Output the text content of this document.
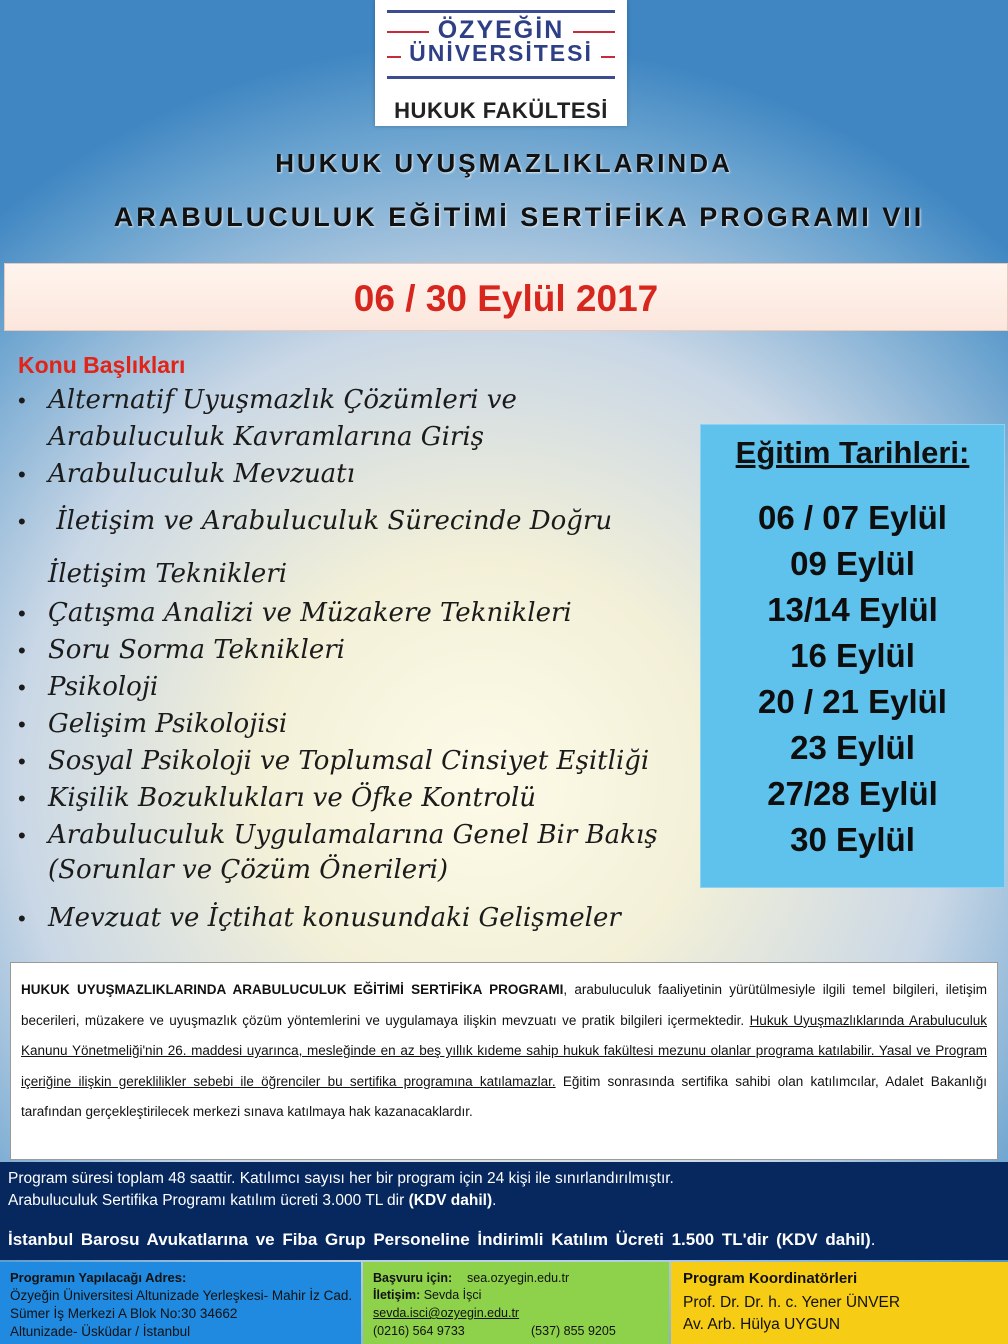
ÖZYEĞİN
ÜNİVERSİTESİ
HUKUK FAKÜLTESİ
HUKUK UYUŞMAZLIKLARINDA
ARABULUCULUK EĞİTİMİ SERTİFİKA PROGRAMI VII
06 / 30 Eylül 2017
Konu Başlıkları
• Alternatif Uyuşmazlık Çözümleri ve
Arabuluculuk Kavramlarına Giriş
• Arabuluculuk Mevzuatı
• İletişim ve Arabuluculuk Sürecinde Doğru
İletişim Teknikleri
• Çatışma Analizi ve Müzakere Teknikleri
• Soru Sorma Teknikleri
• Psikoloji
• Gelişim Psikolojisi
• Sosyal Psikoloji ve Toplumsal Cinsiyet Eşitliği
• Kişilik Bozuklukları ve Öfke Kontrolü
• Arabuluculuk Uygulamalarına Genel Bir Bakış
(Sorunlar ve Çözüm Önerileri)
• Mevzuat ve İçtihat konusundaki Gelişmeler
Eğitim Tarihleri:
06 / 07 Eylül
09 Eylül
13/14 Eylül
16 Eylül
20 / 21 Eylül
23 Eylül
27/28 Eylül
30 Eylül

HUKUK UYUŞMAZLIKLARINDA ARABULUCULUK EĞİTİMİ SERTİFİKA PROGRAMI, arabuluculuk faaliyetinin yürütülmesiyle ilgili temel bilgileri, iletişim becerileri, müzakere ve uyuşmazlık çözüm yöntemlerini ve uygulamaya ilişkin mevzuatı ve pratik bilgileri içermektedir. Hukuk Uyuşmazlıklarında Arabuluculuk Kanunu Yönetmeliği'nin 26. maddesi uyarınca, mesleğinde en az beş yıllık kıdeme sahip hukuk fakültesi mezunu olanlar programa katılabilir. Yasal ve Program içeriğine ilişkin gereklilikler sebebi ile öğrenciler bu sertifika programına katılamazlar. Eğitim sonrasında sertifika sahibi olan katılımcılar, Adalet Bakanlığı tarafından gerçekleştirilecek merkezi sınava katılmaya hak kazanacaklardır.

Program süresi toplam 48 saattir. Katılımcı sayısı her bir program için 24 kişi ile sınırlandırılmıştır.
Arabuluculuk Sertifika Programı katılım ücreti 3.000 TL dir (KDV dahil).
İstanbul Barosu Avukatlarına ve Fiba Grup Personeline İndirimli Katılım Ücreti 1.500 TL'dir (KDV dahil).
Programın Yapılacağı Adres:
Özyeğin Üniversitesi Altunizade Yerleşkesi- Mahir İz Cad.
Sümer İş Merkezi A Blok No:30 34662
Altunizade- Üsküdar / İstanbul
Başvuru için: sea.ozyegin.edu.tr
İletişim: Sevda İşci
sevda.isci@ozyegin.edu.tr
(0216) 564 9733	(537) 855 9205
Program Koordinatörleri
Prof. Dr. Dr. h. c. Yener ÜNVER
Av. Arb. Hülya UYGUN
